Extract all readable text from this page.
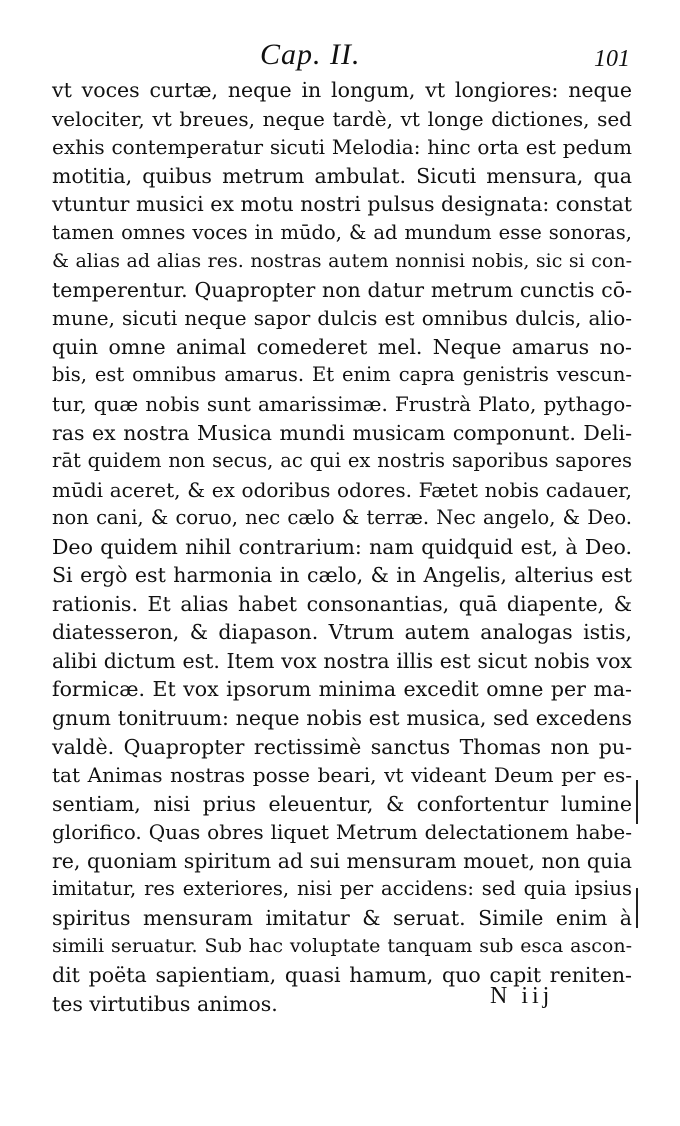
Cap. II.	101
vt voces curtæ, neque in longum, vt longiores: neque
velociter, vt breues, neque tardè, vt longe dictiones, sed
exhis contemperatur sicuti Melodia: hinc orta est pedum
motitia, quibus metrum ambulat. Sicuti mensura, qua
vtuntur musici ex motu nostri pulsus designata: constat
tamen omnes voces in mūdo, & ad mundum esse sonoras,
& alias ad alias res. nostras autem nonnisi nobis, sic si con-
temperentur. Quapropter non datur metrum cunctis cō-
mune, sicuti neque sapor dulcis est omnibus dulcis, alio-
quin omne animal comederet mel. Neque amarus no-
bis, est omnibus amarus. Et enim capra genistris vescun-
tur, quæ nobis sunt amarissimæ. Frustrà Plato, pythago-
ras ex nostra Musica mundi musicam componunt. Deli-
rāt quidem non secus, ac qui ex nostris saporibus sapores
mūdi aceret, & ex odoribus odores. Fætet nobis cadauer,
non cani, & coruo, nec cælo & terræ. Nec angelo, & Deo.
Deo quidem nihil contrarium: nam quidquid est, à Deo.
Si ergò est harmonia in cælo, & in Angelis, alterius est
rationis. Et alias habet consonantias, quā diapente, &
diatesseron, & diapason. Vtrum autem analogas istis,
alibi dictum est. Item vox nostra illis est sicut nobis vox
formicæ. Et vox ipsorum minima excedit omne per ma-
gnum tonitruum: neque nobis est musica, sed excedens
valdè. Quapropter rectissimè sanctus Thomas non pu-
tat Animas nostras posse beari, vt videant Deum per es-
sentiam, nisi prius eleuentur, & confortentur lumine
glorifico. Quas obres liquet Metrum delectationem habe-
re, quoniam spiritum ad sui mensuram mouet, non quia
imitatur, res exteriores, nisi per accidens: sed quia ipsius
spiritus mensuram imitatur & seruat. Simile enim à
simili seruatur. Sub hac voluptate tanquam sub esca ascon-
dit poëta sapientiam, quasi hamum, quo capit reniten-
tes virtutibus animos.	N iij
